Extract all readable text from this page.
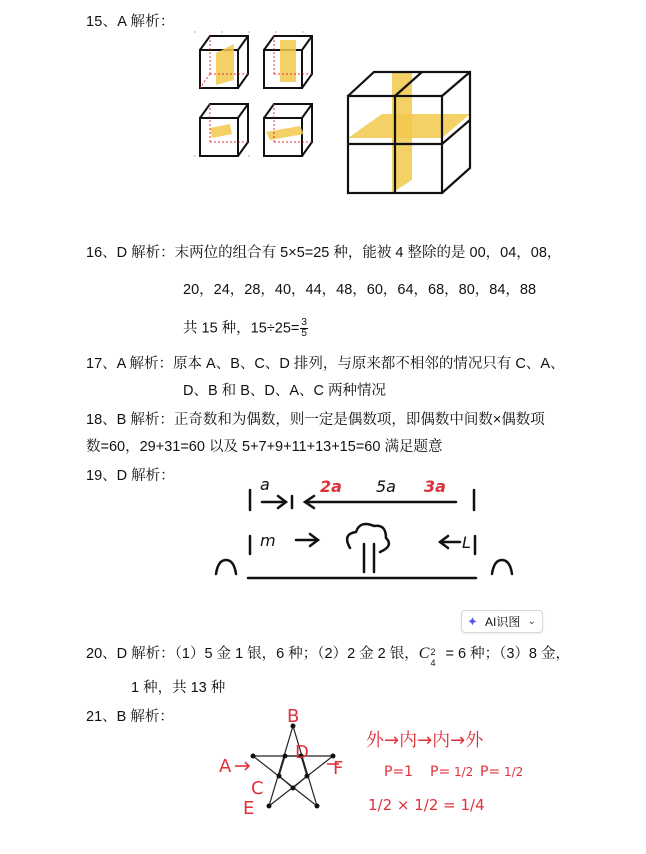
15、A 解析：
16、D 解析：末两位的组合有 5×5=25 种，能被 4 整除的是 00，04，08，
20，24，28，40，44，48，60，64，68，80，84，88
共 15 种，$15\div 25= \frac{3}{5}$
17、A 解析：原本 A、B、C、D 排列，与原来都不相邻的情况只有 C、A、
D、B 和 B、D、A、C 两种情况
18、B 解析：正奇数和为偶数，则一定是偶数项，即偶数中间数×偶数项
数=60，29+31=60 以及 5+7+9+11+13+15=60 满足题意
19、D 解析：	a	2a 5a 3a
m	L
✦ AI识图 ⌄
20、D 解析：（1）5 金 1 银，6 种；（2）2 金 2 银，C 2
4
= 6 种；（3）8 金，
1 种，共 13 种
21、B 解析：
A
B
C
D
E
F
外→内→内→外
P=1 P= 1/2 P= 1/2
1/2 × 1/2 = 1/4
